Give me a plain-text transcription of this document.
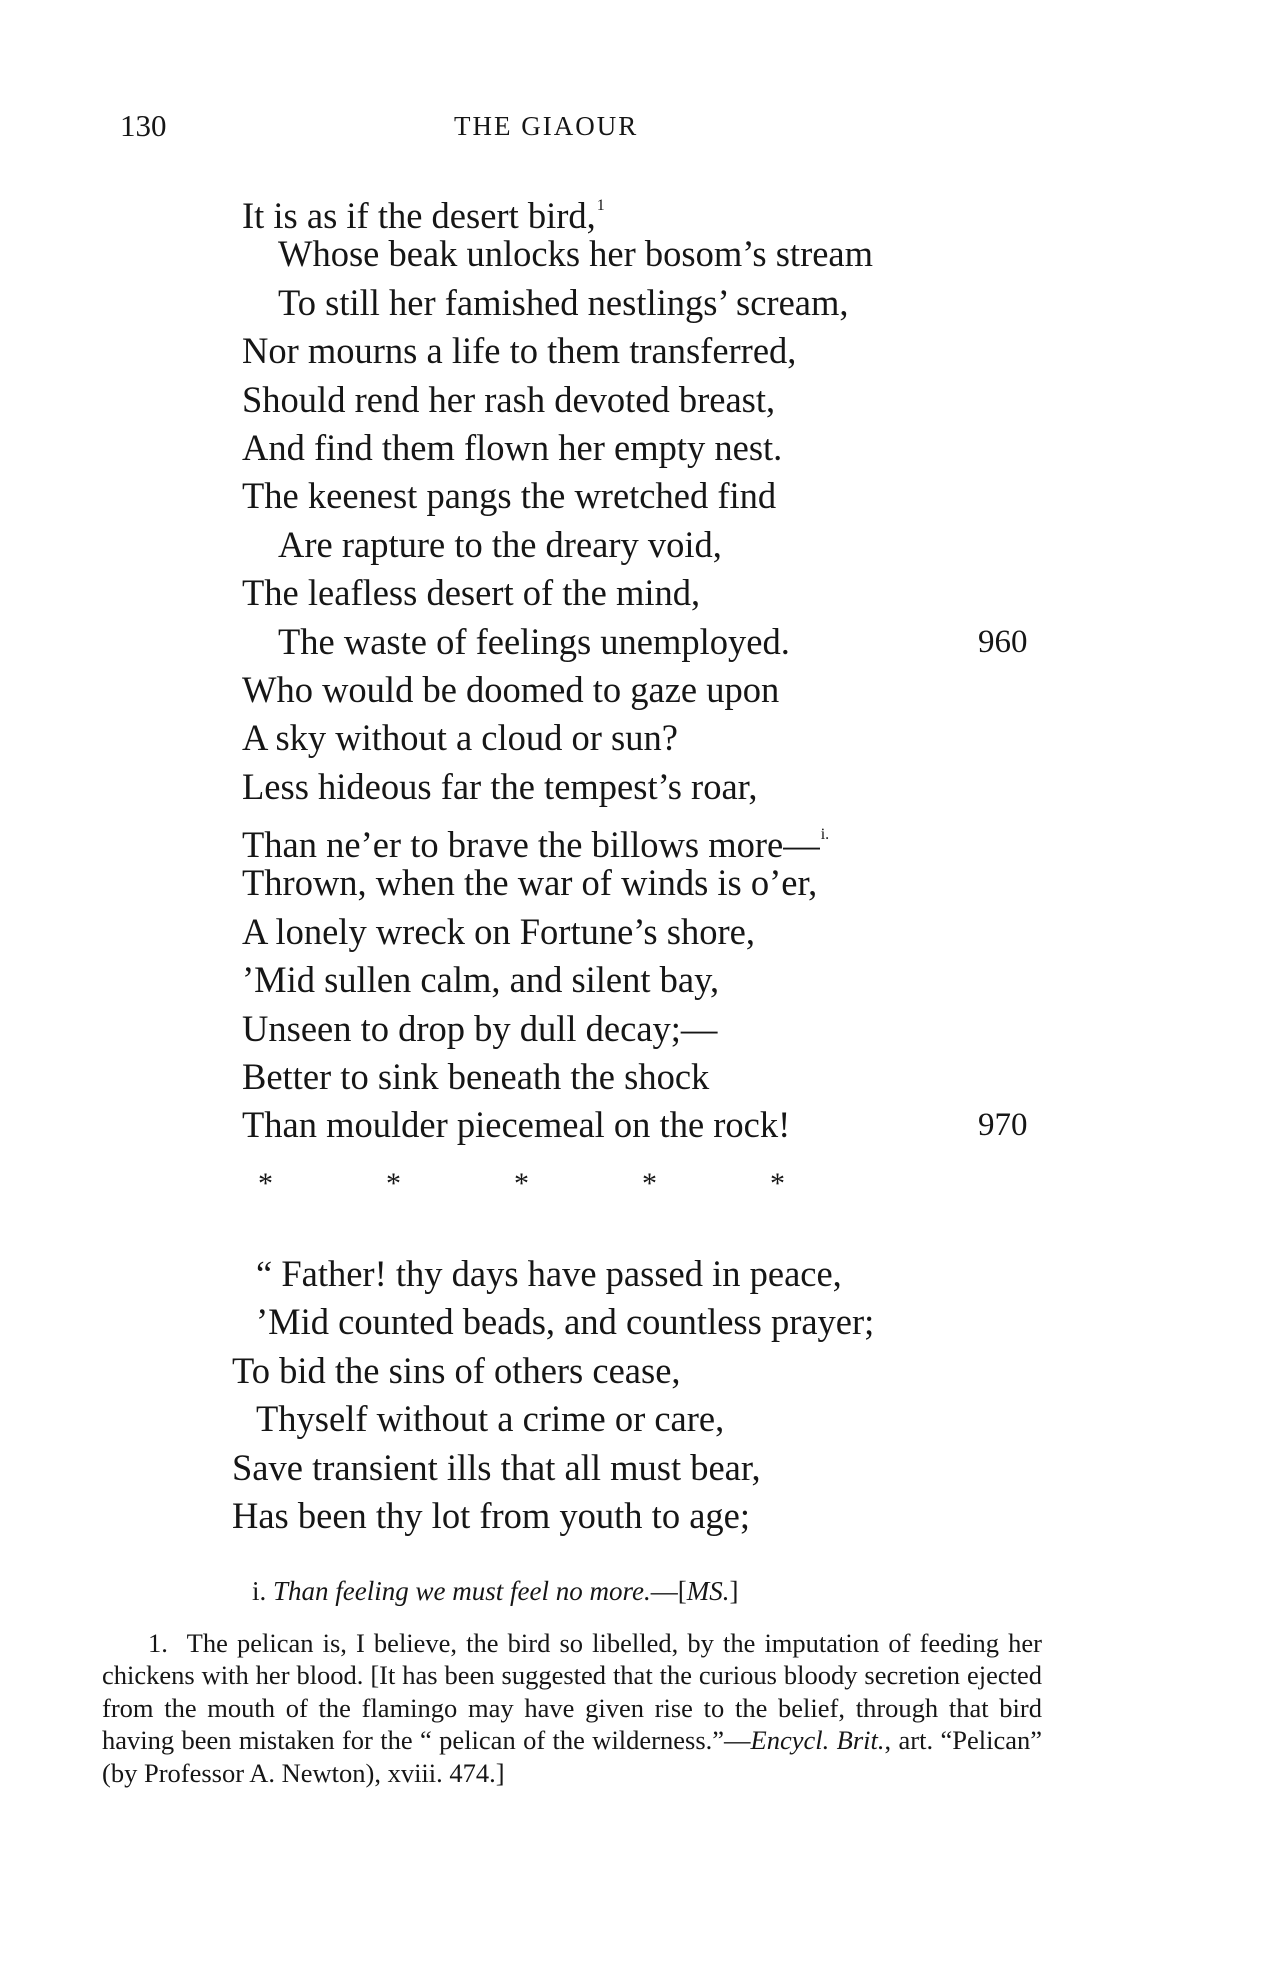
130	THE GIAOUR
It is as if the desert bird,$^1$
Whose beak unlocks her bosom’s stream
To still her famished nestlings’ scream,
Nor mourns a life to them transferred,
Should rend her rash devoted breast,
And find them flown her empty nest.
The keenest pangs the wretched find
Are rapture to the dreary void,
The leafless desert of the mind,
The waste of feelings unemployed.	960
Who would be doomed to gaze upon
A sky without a cloud or sun?
Less hideous far the tempest’s roar,
Than ne’er to brave the billows more—$^{i.}$
Thrown, when the war of winds is o’er,
A lonely wreck on Fortune’s shore,
’Mid sullen calm, and silent bay,
Unseen to drop by dull decay;—
Better to sink beneath the shock
Than moulder piecemeal on the rock!	970
*	*	*	*	*
“ Father! thy days have passed in peace,
’Mid counted beads, and countless prayer;
To bid the sins of others cease,
Thyself without a crime or care,
Save transient ills that all must bear,
Has been thy lot from youth to age;
i. Than feeling we must feel no more.—[MS.]

1. The pelican is, I believe, the bird so libelled, by the imputation of feeding her chickens with her blood. [It has been suggested that the curious bloody secretion ejected from the mouth of the flamingo may have given rise to the belief, through that bird having been mistaken for the “ pelican of the wilderness.”—Encycl. Brit., art. “Pelican” (by Professor A. Newton), xviii. 474.]
